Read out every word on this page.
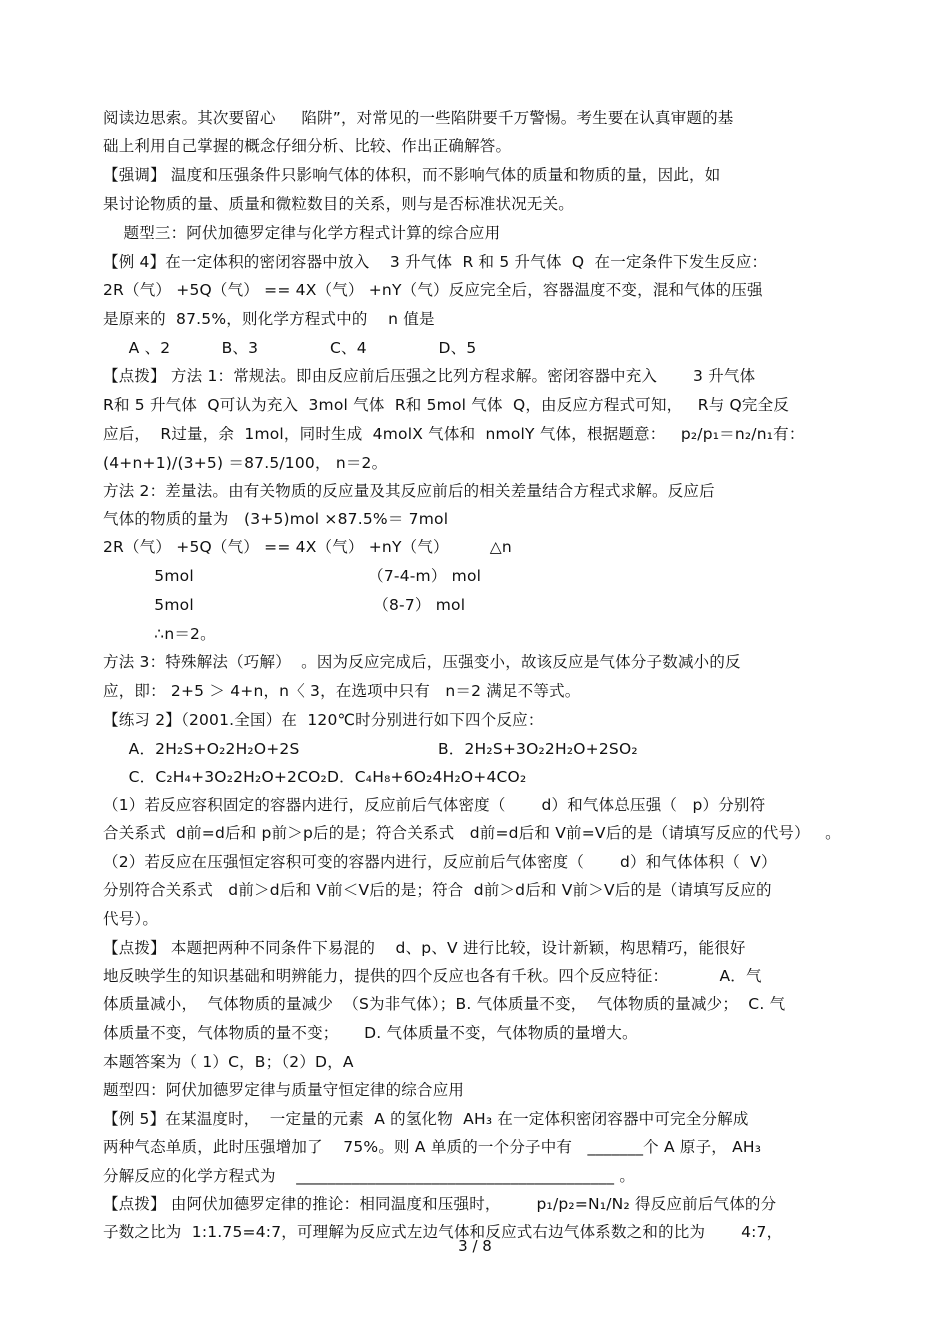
阅读边思索。其次要留心     陷阱”，对常见的一些陷阱要千万警惕。考生要在认真审题的基
础上利用自己掌握的概念仔细分析、比较、作出正确解答。
【强调】 温度和压强条件只影响气体的体积，而不影响气体的质量和物质的量，因此，如
果讨论物质的量、质量和微粒数目的关系，则与是否标准状况无关。
题型三：阿伏加德罗定律与化学方程式计算的综合应用
【例 4】在一定体积的密闭容器中放入    3 升气体  R 和 5 升气体  Q  在一定条件下发生反应：
2R（气） +5Q（气） == 4X（气） +nY（气）反应完全后，容器温度不变，混和气体的压强
是原来的  87.5%，则化学方程式中的    n 值是
A 、2          B、3              C、4              D、5
【点拨】 方法 1：常规法。即由反应前后压强之比列方程求解。密闭容器中充入       3 升气体
R和 5 升气体  Q可认为充入  3mol 气体  R和 5mol 气体  Q，由反应方程式可知，   R与 Q完全反
应后，  R过量，余  1mol，同时生成  4molX 气体和  nmolY 气体，根据题意：   p₂/p₁＝n₂/n₁有：
(4+n+1)/(3+5) ＝87.5/100， n＝2。
方法 2：差量法。由有关物质的反应量及其反应前后的相关差量结合方程式求解。反应后
气体的物质的量为   (3+5)mol ×87.5%＝ 7mol
2R（气） +5Q（气） == 4X（气） +nY（气）        △n
5mol                                  （7-4-m） mol
5mol                                   （8-7） mol
∴n＝2。
方法 3：特殊解法（巧解）  。因为反应完成后，压强变小，故该反应是气体分子数减小的反
应，即： 2+5 ＞ 4+n，n〈 3，在选项中只有   n＝2 满足不等式。
【练习 2】（2001.全国）在  120℃时分别进行如下四个反应：
A．2H₂S+O₂2H₂O+2S                           B．2H₂S+3O₂2H₂O+2SO₂
C．C₂H₄+3O₂2H₂O+2CO₂D．C₄H₈+6O₂4H₂O+4CO₂
（1）若反应容积固定的容器内进行，反应前后气体密度（       d）和气体总压强（   p）分别符
合关系式  d前=d后和 p前＞p后的是；符合关系式   d前=d后和 V前=V后的是（请填写反应的代号）   。
（2）若反应在压强恒定容积可变的容器内进行，反应前后气体密度（       d）和气体体积（  V）
分别符合关系式   d前＞d后和 V前＜V后的是；符合  d前＞d后和 V前＞V后的是（请填写反应的
代号）。
【点拨】 本题把两种不同条件下易混的    d、p、V 进行比较，设计新颖，构思精巧，能很好
地反映学生的知识基础和明辨能力，提供的四个反应也各有千秋。四个反应特征：          A．气
体质量减小，  气体物质的量减少  （S为非气体）；B. 气体质量不变，  气体物质的量减少；  C. 气
体质量不变，气体物质的量不变；     D. 气体质量不变，气体物质的量增大。
本题答案为（ 1）C，B；（2）D，A
题型四：阿伏加德罗定律与质量守恒定律的综合应用
【例 5】在某温度时，  一定量的元素  A 的氢化物  AH₃ 在一定体积密闭容器中可完全分解成
两种气态单质，此时压强增加了    75%。则 A 单质的一个分子中有   _______个 A 原子， AH₃
分解反应的化学方程式为    ________________________________________ 。
【点拨】 由阿伏加德罗定律的推论：相同温度和压强时，       p₁/p₂=N₁/N₂ 得反应前后气体的分
子数之比为  1:1.75=4:7，可理解为反应式左边气体和反应式右边气体系数之和的比为       4:7，
3 / 8
